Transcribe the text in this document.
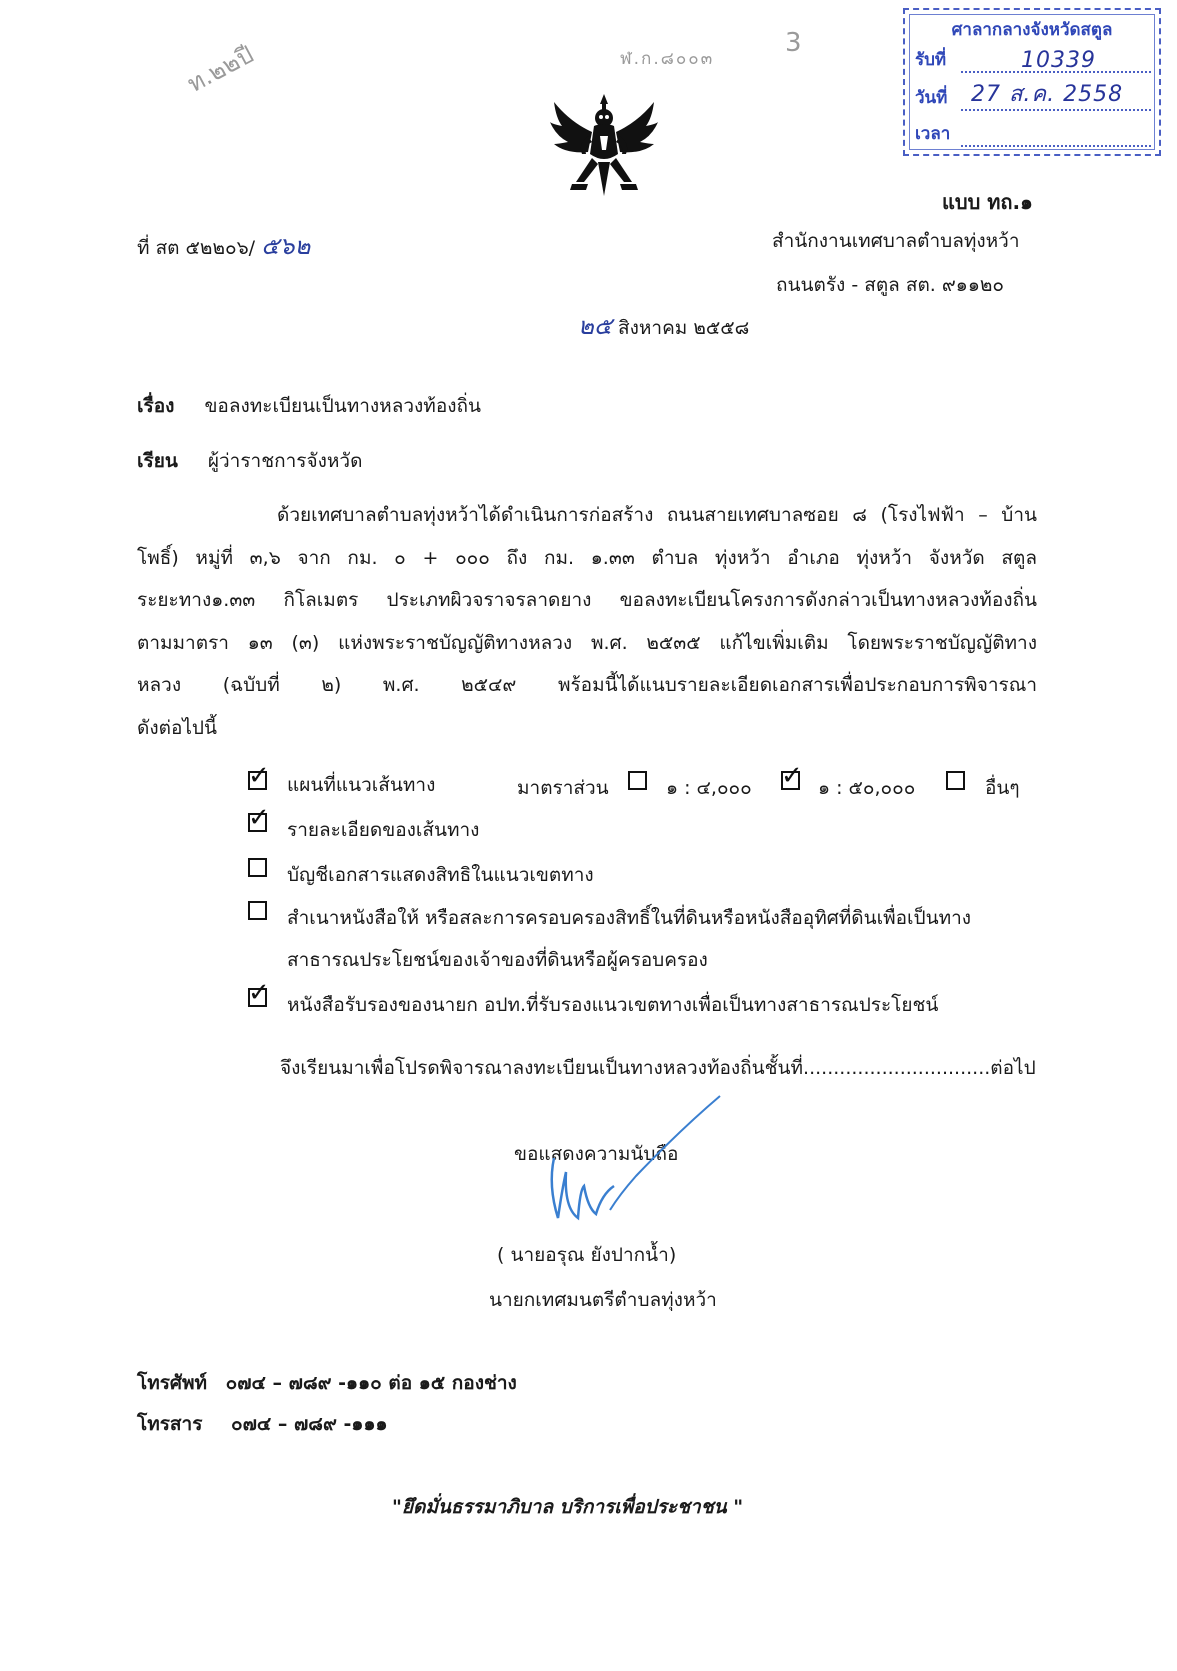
ท.๒๒ปี	ฬ.ก.๘๐๐๓
3	ศาลากลางจังหวัดสตูล
รับที่	10339
วันที่	27 ส.ค. 2558
เวลา
แบบ ทถ.๑
ที่ สต ๕๒๒๐๖/ ๕๖๒	สำนักงานเทศบาลตำบลทุ่งหว้า
ถนนตรัง - สตูล สต. ๙๑๑๒๐
๒๕ สิงหาคม ๒๕๕๘
เรื่อง ขอลงทะเบียนเป็นทางหลวงท้องถิ่น
เรียน ผู้ว่าราชการจังหวัด
ด้วยเทศบาลตำบลทุ่งหว้าได้ดำเนินการก่อสร้าง ถนนสายเทศบาลซอย ๘ (โรงไฟฟ้า – บ้าน
โพธิ์) หมู่ที่ ๓,๖ จาก กม. ๐ + ๐๐๐ ถึง กม. ๑.๓๓ ตำบล ทุ่งหว้า อำเภอ ทุ่งหว้า จังหวัด สตูล
ระยะทาง๑.๓๓ กิโลเมตร ประเภทผิวจราจรลาดยาง ขอลงทะเบียนโครงการดังกล่าวเป็นทางหลวงท้องถิ่น
ตามมาตรา ๑๓ (๓) แห่งพระราชบัญญัติทางหลวง พ.ศ. ๒๕๓๕ แก้ไขเพิ่มเติม โดยพระราชบัญญัติทาง
หลวง (ฉบับที่ ๒) พ.ศ. ๒๕๔๙ พร้อมนี้ได้แนบรายละเอียดเอกสารเพื่อประกอบการพิจารณา
ดังต่อไปนี้
✓ แผนที่แนวเส้นทาง	มาตราส่วน	๑ : ๔,๐๐๐ ✓ ๑ : ๕๐,๐๐๐	อื่นๆ
✓ รายละเอียดของเส้นทาง
บัญชีเอกสารแสดงสิทธิในแนวเขตทาง
สำเนาหนังสือให้ หรือสละการครอบครองสิทธิ์ในที่ดินหรือหนังสืออุทิศที่ดินเพื่อเป็นทาง
สาธารณประโยชน์ของเจ้าของที่ดินหรือผู้ครอบครอง
✓ หนังสือรับรองของนายก อปท.ที่รับรองแนวเขตทางเพื่อเป็นทางสาธารณประโยชน์
จึงเรียนมาเพื่อโปรดพิจารณาลงทะเบียนเป็นทางหลวงท้องถิ่นชั้นที่...............................ต่อไป
ขอแสดงความนับถือ
( นายอรุณ ยังปากน้ำ)
นายกเทศมนตรีตำบลทุ่งหว้า
โทรศัพท์ ๐๗๔ – ๗๘๙ -๑๑๐ ต่อ ๑๕ กองช่าง
โทรสาร ๐๗๔ – ๗๘๙ -๑๑๑
"ยึดมั่นธรรมาภิบาล บริการเพื่อประชาชน "
